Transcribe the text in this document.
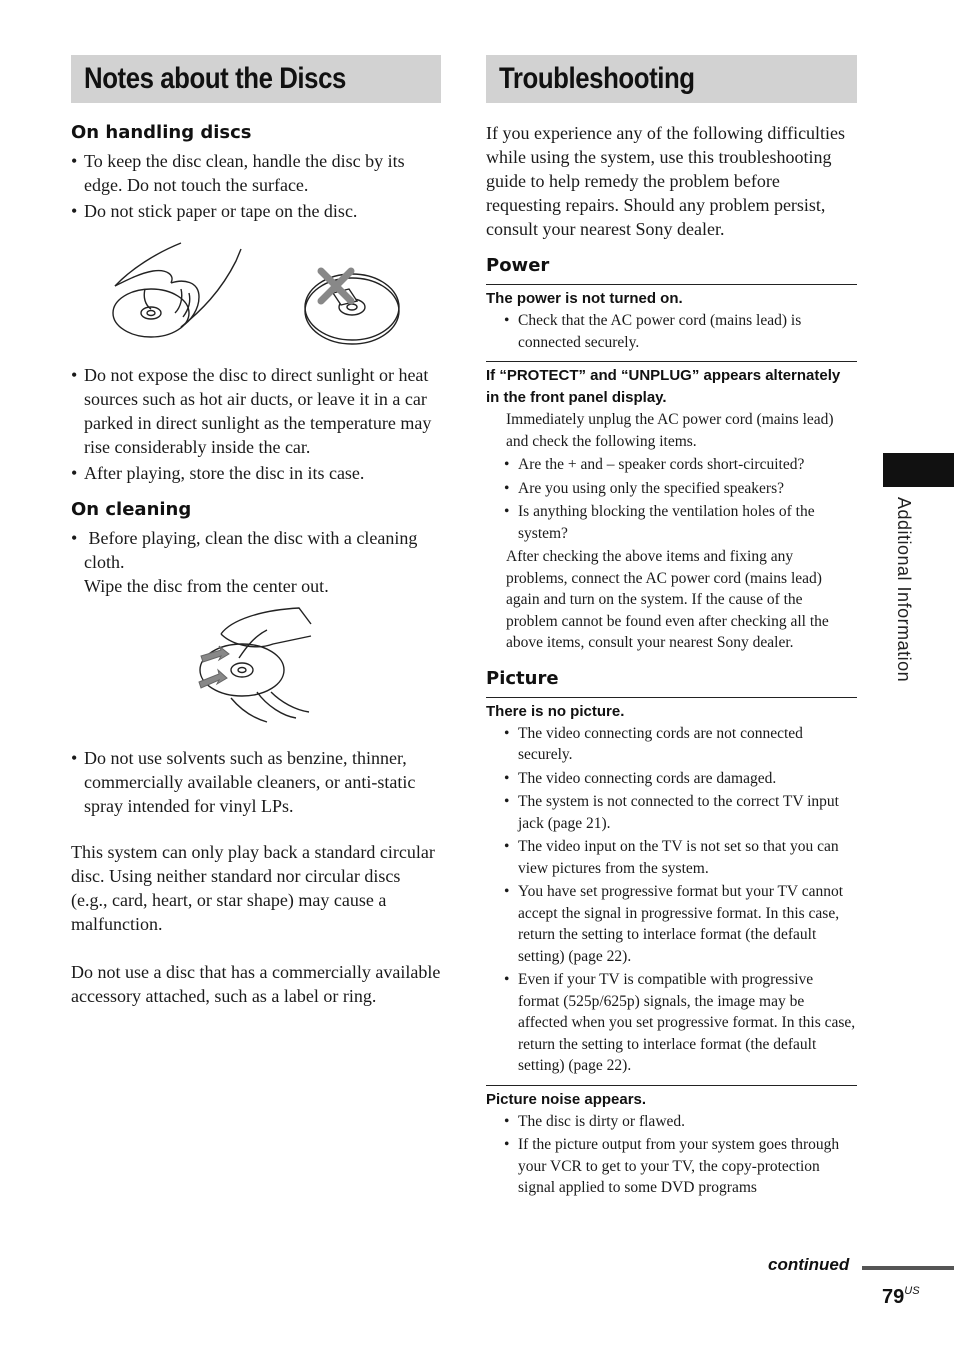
Notes about the Discs
On handling discs
• To keep the disc clean, handle the disc by its edge. Do not touch the surface.
• Do not stick paper or tape on the disc.
• Do not expose the disc to direct sunlight or heat sources such as hot air ducts, or leave it in a car parked in direct sunlight as the temperature may rise considerably inside the car.
• After playing, store the disc in its case.
On cleaning
• Before playing, clean the disc with a cleaning cloth.
Wipe the disc from the center out.
• Do not use solvents such as benzine, thinner, commercially available cleaners, or anti-static spray intended for vinyl LPs.

This system can only play back a standard circular disc. Using neither standard nor circular discs (e.g., card, heart, or star shape) may cause a malfunction.

Do not use a disc that has a commercially available accessory attached, such as a label or ring.

Troubleshooting

If you experience any of the following difficulties while using the system, use this troubleshooting guide to help remedy the problem before requesting repairs. Should any problem persist, consult your nearest Sony dealer.

Power
The power is not turned on.
• Check that the AC power cord (mains lead) is connected securely.
If “PROTECT” and “UNPLUG” appears alternately in the front panel display.

Immediately unplug the AC power cord (mains lead) and check the following items.

• Are the + and – speaker cords short-circuited?
• Are you using only the specified speakers?
• Is anything blocking the ventilation holes of the system?

After checking the above items and fixing any problems, connect the AC power cord (mains lead) again and turn on the system. If the cause of the problem cannot be found even after checking all the above items, consult your nearest Sony dealer.

Picture
There is no picture.
• The video connecting cords are not connected securely.
• The video connecting cords are damaged.
• The system is not connected to the correct TV input jack (page 21).
• The video input on the TV is not set so that you can view pictures from the system.
• You have set progressive format but your TV cannot accept the signal in progressive format. In this case, return the setting to interlace format (the default setting) (page 22).
• Even if your TV is compatible with progressive format (525p/625p) signals, the image may be affected when you set progressive format. In this case, return the setting to interlace format (the default setting) (page 22).
Picture noise appears.
• The disc is dirty or flawed.
• If the picture output from your system goes through your VCR to get to your TV, the copy-protection signal applied to some DVD programs
Additional Information
continued
$79^{US}$
